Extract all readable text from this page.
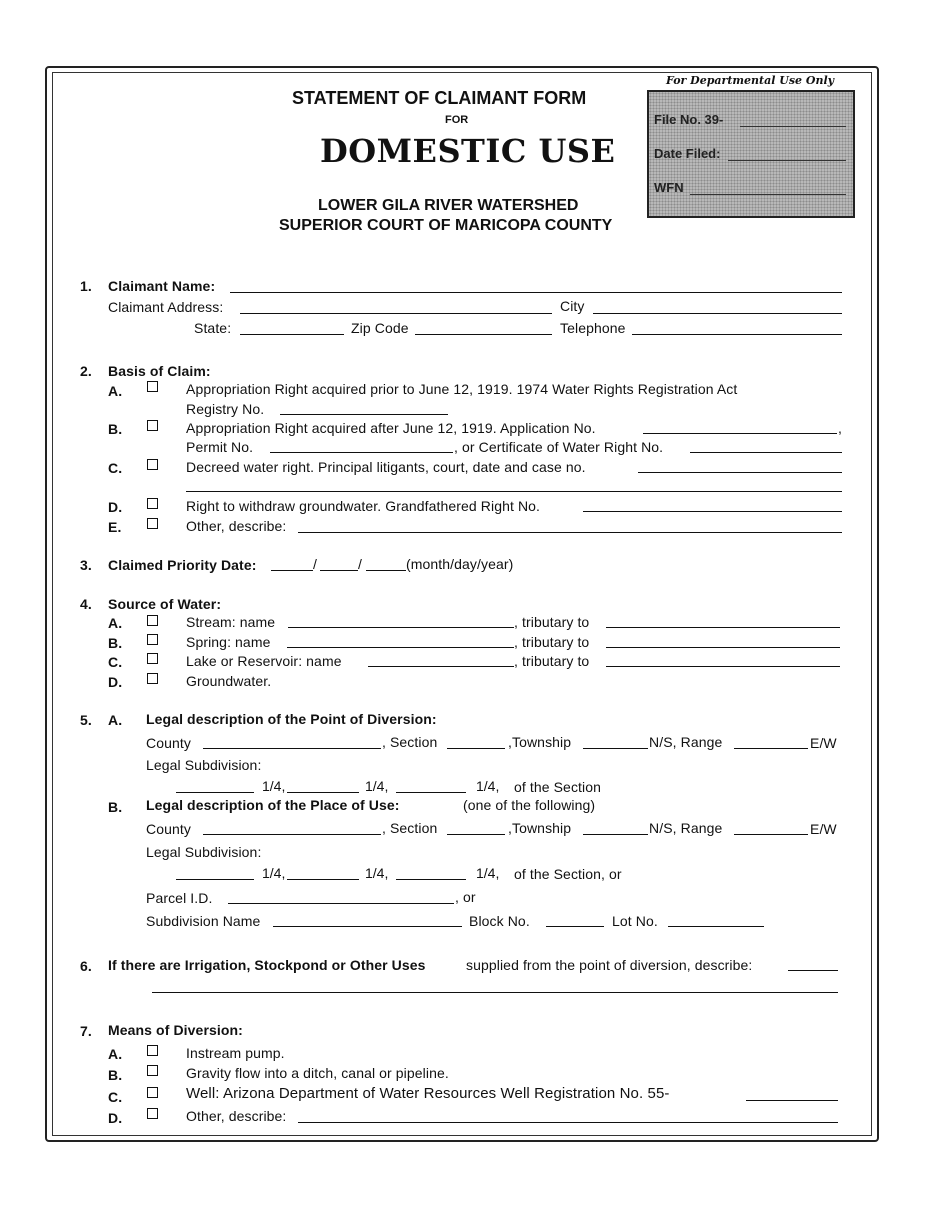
STATEMENT OF CLAIMANT FORM
FOR
DOMESTIC USE
LOWER GILA RIVER WATERSHED
SUPERIOR COURT OF MARICOPA COUNTY
For Departmental Use Only
File No. 39-
Date Filed:
WFN
1. Claimant Name:
Claimant Address:	City
State:	Zip Code	Telephone
2. Basis of Claim:
A.	Appropriation Right acquired prior to June 12, 1919. 1974 Water Rights Registration Act
Registry No.
B.	Appropriation Right acquired after June 12, 1919. Application No.	,
Permit No.	, or Certificate of Water Right No.
C.	Decreed water right. Principal litigants, court, date and case no.
D.	Right to withdraw groundwater. Grandfathered Right No.
E.	Other, describe:
3. Claimed Priority Date:	/	/	(month/day/year)
4. Source of Water:
A.	Stream: name	, tributary to
B.	Spring: name	, tributary to
C.	Lake or Reservoir: name	, tributary to
D.	Groundwater.
5. A. Legal description of the Point of Diversion:
County	, Section	,Township	N/S, Range	E/W
Legal Subdivision:
1/4,	1/4,	1/4, of the Section
B. Legal description of the Place of Use:	(one of the following)
County	, Section	,Township	N/S, Range	E/W
Legal Subdivision:
1/4,	1/4,	1/4, of the Section, or
Parcel I.D.	, or
Subdivision Name	Block No.	Lot No.
6. If there are Irrigation, Stockpond or Other Uses	supplied from the point of diversion, describe:
7. Means of Diversion:
A.	Instream pump.
B.	Gravity flow into a ditch, canal or pipeline.
C.	Well: Arizona Department of Water Resources Well Registration No. 55-
D.	Other, describe:
